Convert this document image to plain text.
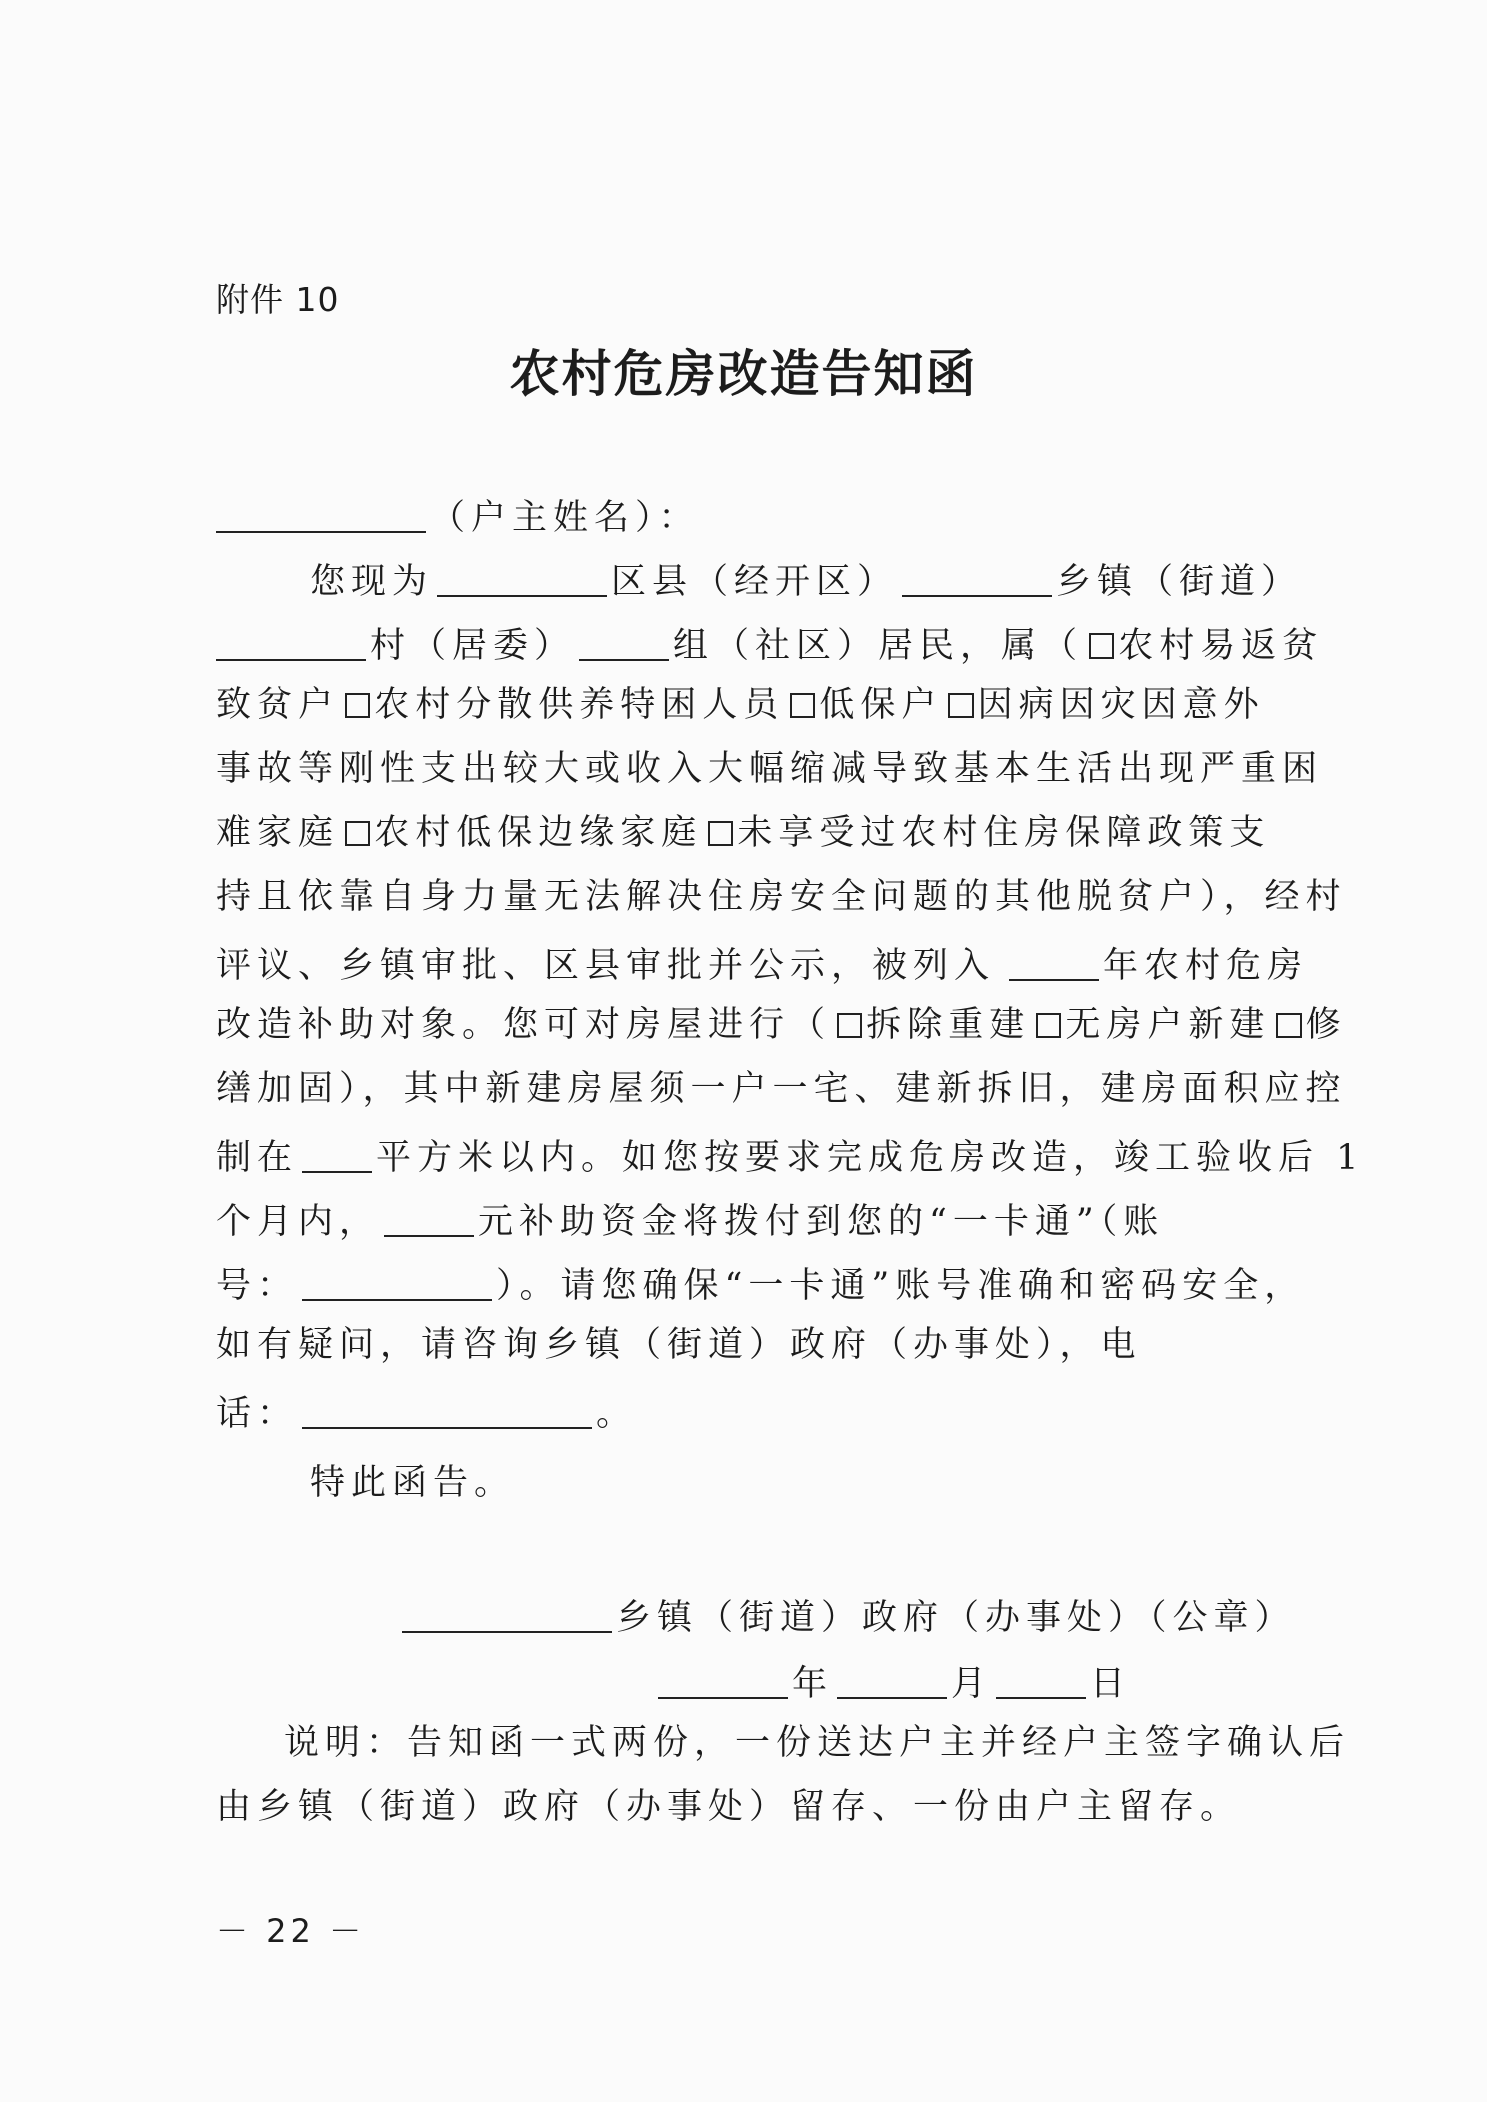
附件 10
农村危房改造告知函
（户主姓名）：
您现为	区县（经开区）	乡镇（街道）
村（居委）	组（社区）居民，属（ 农村易返贫
致贫户 农村分散供养特困人员 低保户 因病因灾因意外
事故等刚性支出较大或收入大幅缩减导致基本生活出现严重困
难家庭 农村低保边缘家庭 未享受过农村住房保障政策支
持且依靠自身力量无法解决住房安全问题的其他脱贫户），经村
评议、乡镇审批、区县审批并公示，被列入	年农村危房
改造补助对象。您可对房屋进行（ 拆除重建 无房户新建 修
缮加固），其中新建房屋须一户一宅、建新拆旧，建房面积应控
制在 平方米以内。如您按要求完成危房改造，竣工验收后 1
个月内，	元补助资金将拨付到您的“一卡通”（账
号：	）。请您确保“一卡通”账号准确和密码安全，
如有疑问，请咨询乡镇（街道）政府（办事处），电
话：	。
特此函告。
乡镇（街道）政府（办事处）（公章）
年	月	日
说明：告知函一式两份，一份送达户主并经户主签字确认后
由乡镇（街道）政府（办事处）留存、一份由户主留存。
－ 22 －
